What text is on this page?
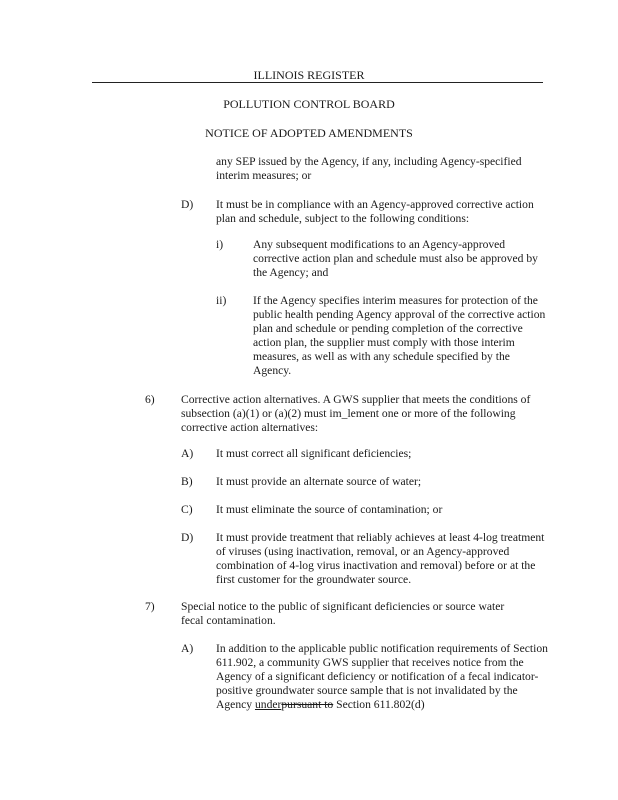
ILLINOIS REGISTER
POLLUTION CONTROL BOARD
NOTICE OF ADOPTED AMENDMENTS
any SEP issued by the Agency, if any, including Agency-specified interim measures; or
D) It must be in compliance with an Agency-approved corrective action plan and schedule, subject to the following conditions:
i)	Any subsequent modifications to an Agency-approved corrective action plan and schedule must also be approved by the Agency; and
ii) If the Agency specifies interim measures for protection of the public health pending Agency approval of the corrective action plan and schedule or pending completion of the corrective action plan, the supplier must comply with those interim measures, as well as with any schedule specified by the Agency.
6) Corrective action alternatives. A GWS supplier that meets the conditions of subsection (a)(1) or (a)(2) must im_lement one or more of the following corrective action alternatives:
A) It must correct all significant deficiencies;
B) It must provide an alternate source of water;
C) It must eliminate the source of contamination; or
D) It must provide treatment that reliably achieves at least 4-log treatment of viruses (using inactivation, removal, or an Agency-approved combination of 4-log virus inactivation and removal) before or at the first customer for the groundwater source.
7) Special notice to the public of significant deficiencies or source water fecal contamination.
A) In addition to the applicable public notification requirements of Section 611.902, a community GWS supplier that receives notice from the Agency of a significant deficiency or notification of a fecal indicator-positive groundwater source sample that is not invalidated by the Agency underpursuant to Section 611.802(d)
